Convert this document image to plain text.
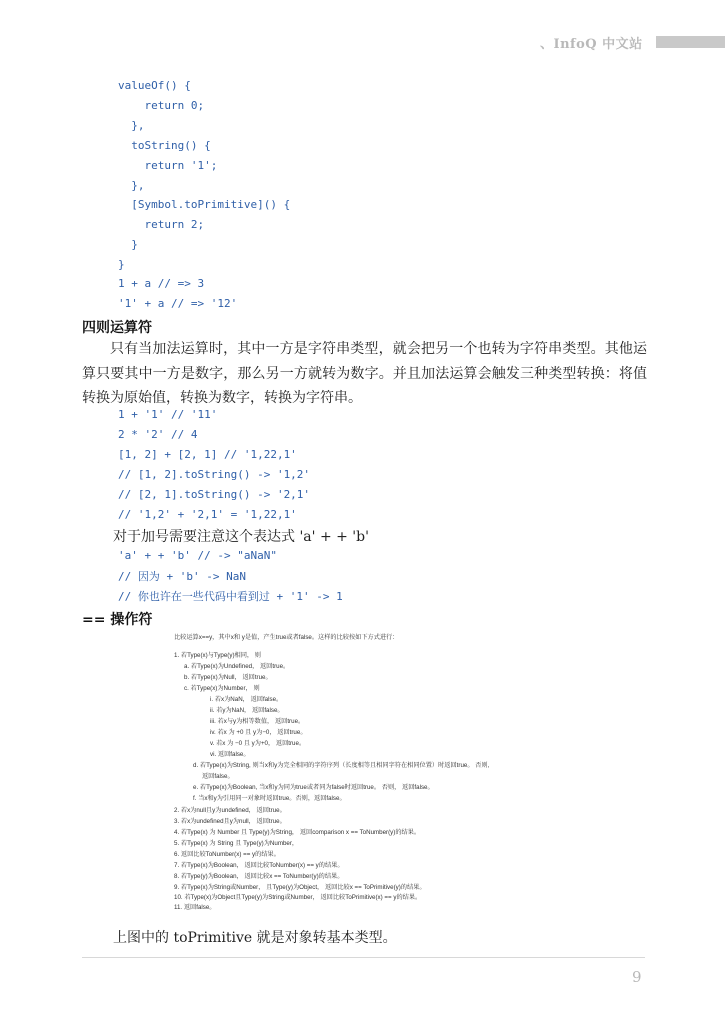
、InfoQ 中文站
valueOf() {
return 0;
},
toString() {
return '1';
},
[Symbol.toPrimitive]() {
return 2;
}
}
1 + a // => 3
'1' + a // => '12'
四则运算符
只有当加法运算时，其中一方是字符串类型，就会把另一个也转为字符串类型。其他运算只要其中一方是数字，那么另一方就转为数字。并且加法运算会触发三种类型转换：将值转换为原始值，转换为数字，转换为字符串。
1 + '1' // '11'
2 * '2' // 4
[1, 2] + [2, 1] // '1,22,1'
// [1, 2].toString() -> '1,2'
// [2, 1].toString() -> '2,1'
// '1,2' + '2,1' = '1,22,1'
对于加号需要注意这个表达式 'a' + + 'b'
'a' + + 'b' // -> "aNaN"
// 因为 + 'b' -> NaN
// 你也许在一些代码中看到过 + '1' -> 1
== 操作符
比较运算x==y，其中x和 y是值，产生true或者false。这样的比较按如下方式进行：
1. 若Type(x)与Type(y)相同， 则
a. 若Type(x)为Undefined， 返回true。
b. 若Type(x)为Null， 返回true。
c. 若Type(x)为Number， 则
i. 若x为NaN， 返回false。
ii. 若y为NaN， 返回false。
iii. 若x与y为相等数值， 返回true。
iv. 若x 为 +0 且 y为−0， 返回true。
v. 若x 为 −0 且 y为+0， 返回true。
vi. 返回false。
d. 若Type(x)为String, 则当x和y为完全相同的字符序列（长度相等且相同字符在相同位置）时返回true。 否则,
返回false。
e. 若Type(x)为Boolean, 当x和y为同为true或者同为false时返回true。 否则， 返回false。
f. 当x和y为引用同一对象时返回true。否则，返回false。
2. 若x为null且y为undefined， 返回true。
3. 若x为undefined且y为null， 返回true。
4. 若Type(x) 为 Number 且 Type(y)为String， 返回comparison x == ToNumber(y)的结果。
5. 若Type(x) 为 String 且 Type(y)为Number，
6. 返回比较ToNumber(x) == y的结果。
7. 若Type(x)为Boolean， 返回比较ToNumber(x) == y的结果。
8. 若Type(y)为Boolean， 返回比较x == ToNumber(y)的结果。
9. 若Type(x)为String或Number， 且Type(y)为Object， 返回比较x == ToPrimitive(y)的结果。
10. 若Type(x)为Object且Type(y)为String或Number， 返回比较ToPrimitive(x) == y的结果。
11. 返回false。
上图中的 toPrimitive 就是对象转基本类型。
9
